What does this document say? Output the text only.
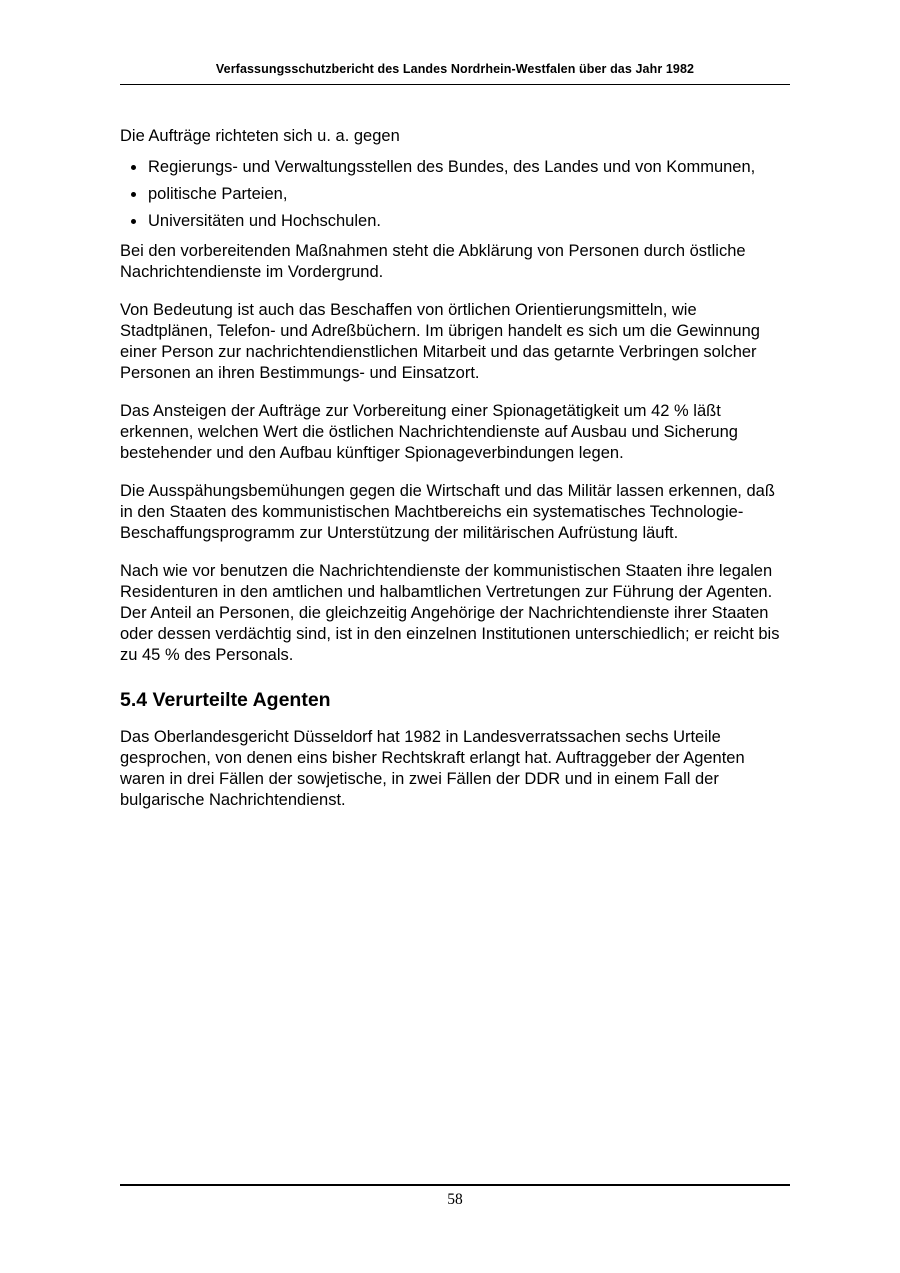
Verfassungsschutzbericht des Landes Nordrhein-Westfalen über das Jahr 1982

Die Aufträge richteten sich u. a. gegen

• Regierungs- und Verwaltungsstellen des Bundes, des Landes und von Kommunen,
• politische Parteien,
• Universitäten und Hochschulen.

Bei den vorbereitenden Maßnahmen steht die Abklärung von Personen durch östliche Nachrichtendienste im Vordergrund.

Von Bedeutung ist auch das Beschaffen von örtlichen Orientierungsmitteln, wie Stadtplänen, Telefon- und Adreßbüchern. Im übrigen handelt es sich um die Gewinnung einer Person zur nachrichtendienstlichen Mitarbeit und das getarnte Verbringen solcher Personen an ihren Bestimmungs- und Einsatzort.

Das Ansteigen der Aufträge zur Vorbereitung einer Spionagetätigkeit um 42 % läßt erkennen, welchen Wert die östlichen Nachrichtendienste auf Ausbau und Sicherung bestehender und den Aufbau künftiger Spionageverbindungen legen.

Die Ausspähungsbemühungen gegen die Wirtschaft und das Militär lassen erkennen, daß in den Staaten des kommunistischen Machtbereichs ein systematisches Technologie-Beschaffungsprogramm zur Unterstützung der militärischen Aufrüstung läuft.

Nach wie vor benutzen die Nachrichtendienste der kommunistischen Staaten ihre legalen Residenturen in den amtlichen und halbamtlichen Vertretungen zur Führung der Agenten. Der Anteil an Personen, die gleichzeitig Angehörige der Nachrichtendienste ihrer Staaten oder dessen verdächtig sind, ist in den einzelnen Institutionen unterschiedlich; er reicht bis zu 45 % des Personals.

5.4 Verurteilte Agenten

Das Oberlandesgericht Düsseldorf hat 1982 in Landesverratssachen sechs Urteile gesprochen, von denen eins bisher Rechtskraft erlangt hat. Auftraggeber der Agenten waren in drei Fällen der sowjetische, in zwei Fällen der DDR und in einem Fall der bulgarische Nachrichtendienst.

58
